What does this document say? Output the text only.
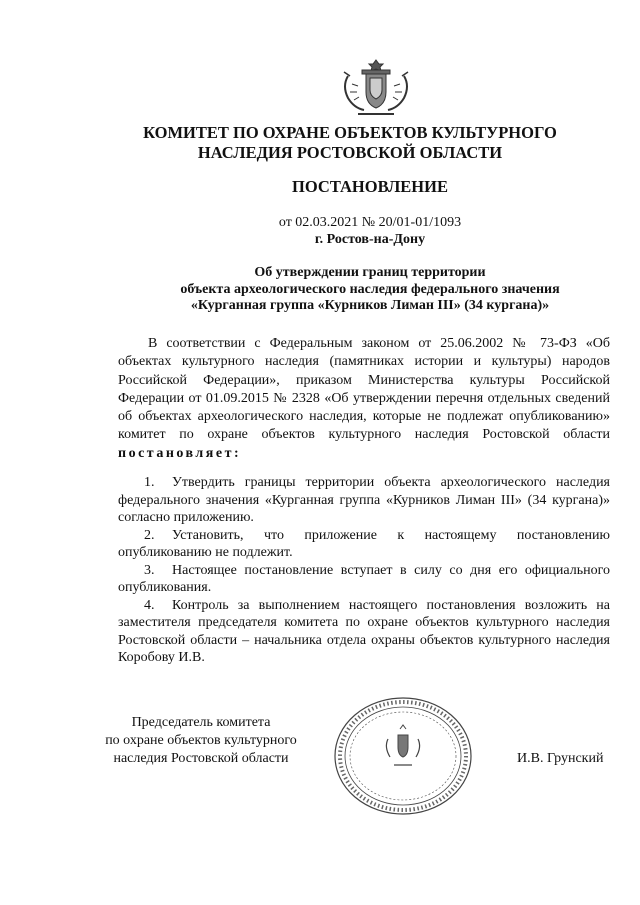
КОМИТЕТ ПО ОХРАНЕ ОБЪЕКТОВ КУЛЬТУРНОГО
НАСЛЕДИЯ РОСТОВСКОЙ ОБЛАСТИ
ПОСТАНОВЛЕНИЕ
от 02.03.2021 № 20/01-01/1093
г. Ростов-на-Дону
Об утверждении границ территории
объекта археологического наследия федерального значения
«Курганная группа «Курников Лиман III» (34 кургана)»

В соответствии с Федеральным законом от 25.06.2002 № 73-ФЗ «Об объектах культурного наследия (памятниках истории и культуры) народов Российской Федерации», приказом Министерства культуры Российской Федерации от 01.09.2015 № 2328 «Об утверждении перечня отдельных сведений об объектах археологического наследия, которые не подлежат опубликованию» комитет по охране объектов культурного наследия Ростовской области постановляет:

1. Утвердить границы территории объекта археологического наследия федерального значения «Курганная группа «Курников Лиман III» (34 кургана)» согласно приложению.

2. Установить, что приложение к настоящему постановлению опубликованию не подлежит.

3. Настоящее постановление вступает в силу со дня его официального опубликования.

4. Контроль за выполнением настоящего постановления возложить на заместителя председателя комитета по охране объектов культурного наследия Ростовской области – начальника отдела охраны объектов культурного наследия Коробову И.В.

Председатель комитета
по охране объектов культурного
наследия Ростовской области	И.В. Грунский
